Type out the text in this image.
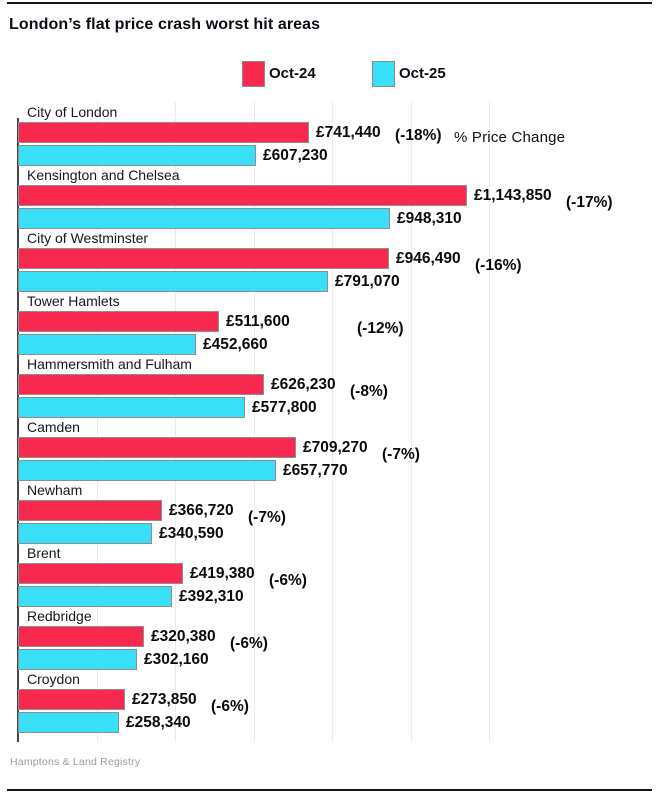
London’s flat price crash worst hit areas
Oct-24	Oct-25
City of London
£741,440
£607,230
(-18%)
Kensington and Chelsea
£1,143,850
£948,310
(-17%)
City of Westminster
£946,490
£791,070
(-16%)
Tower Hamlets
£511,600
£452,660
(-12%)
Hammersmith and Fulham
£626,230
£577,800
(-8%)
Camden
£709,270
£657,770
(-7%)
Newham
£366,720
£340,590
(-7%)
Brent
£419,380
£392,310
(-6%)
Redbridge
£320,380
£302,160
(-6%)
Croydon
£273,850
£258,340
(-6%)
% Price Change
Hamptons & Land Registry
